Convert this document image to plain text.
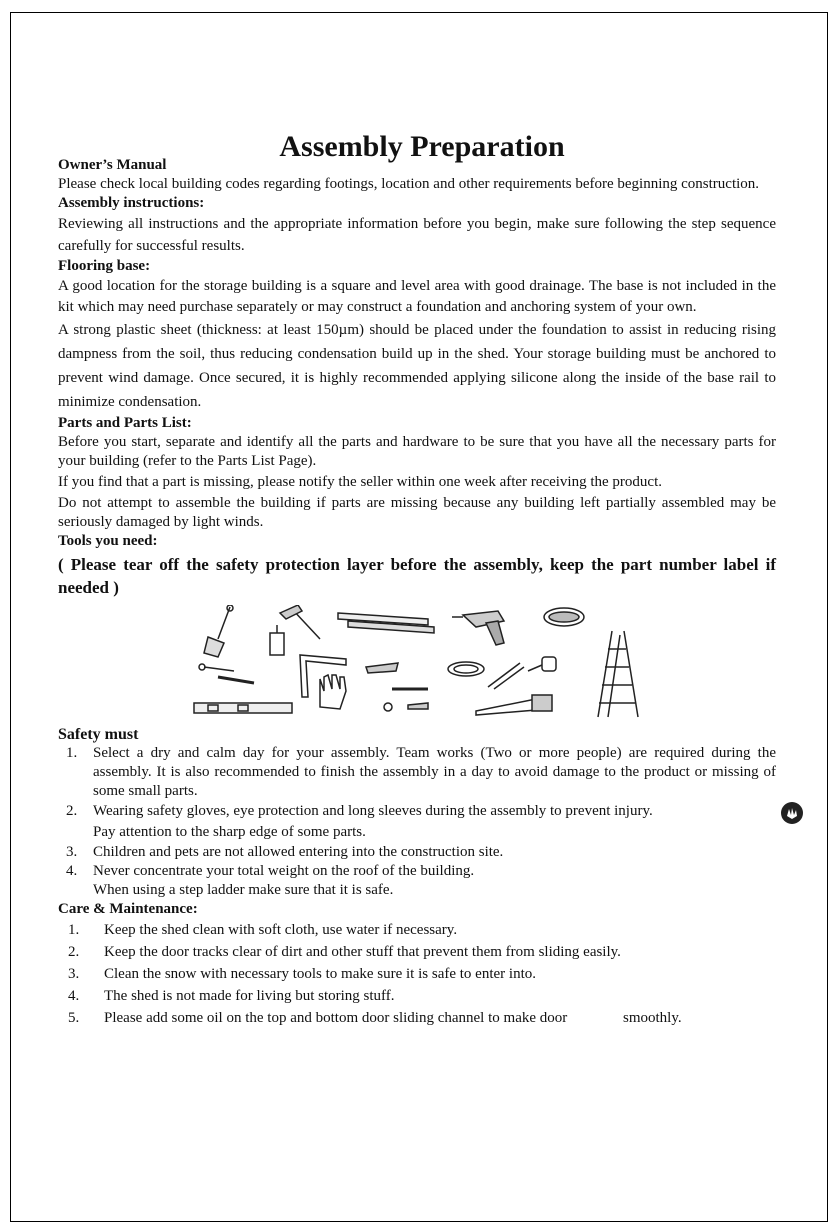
Assembly Preparation
Owner’s Manual

Please check local building codes regarding footings, location and other requirements before beginning construction.

Assembly instructions:

Reviewing all instructions and the appropriate information before you begin, make sure following the step sequence carefully for successful results.

Flooring base:

A good location for the storage building is a square and level area with good drainage. The base is not included in the kit which may need purchase separately or may construct a foundation and anchoring system of your own.

A strong plastic sheet (thickness: at least 150µm) should be placed under the foundation to assist in reducing rising dampness from the soil, thus reducing condensation build up in the shed. Your storage building must be anchored to prevent wind damage. Once secured, it is highly recommended applying silicone along the inside of the base rail to minimize condensation.

Parts and Parts List:

Before you start, separate and identify all the parts and hardware to be sure that you have all the necessary parts for your building (refer to the Parts List Page).

If you find that a part is missing, please notify the seller within one week after receiving the product.

Do not attempt to assemble the building if parts are missing because any building left partially assembled may be seriously damaged by light winds.

Tools you need:
( Please tear off the safety protection layer before the assembly, keep the part number label if needed )
Safety must
1. Select a dry and calm day for your assembly. Team works (Two or more people) are required during the assembly. It is also recommended to finish the assembly in a day to avoid damage to the product or missing of some small parts.
2. Wearing safety gloves, eye protection and long sleeves during the assembly to prevent injury.
Pay attention to the sharp edge of some parts.
3. Children and pets are not allowed entering into the construction site.
4. Never concentrate your total weight on the roof of the building.
When using a step ladder make sure that it is safe.
Care & Maintenance:
1. Keep the shed clean with soft cloth, use water if necessary.
2. Keep the door tracks clear of dirt and other stuff that prevent them from sliding easily.
3. Clean the snow with necessary tools to make sure it is safe to enter into.
4. The shed is not made for living but storing stuff.
5. Please add some oil on the top and bottom door sliding channel to make door	smoothly.
